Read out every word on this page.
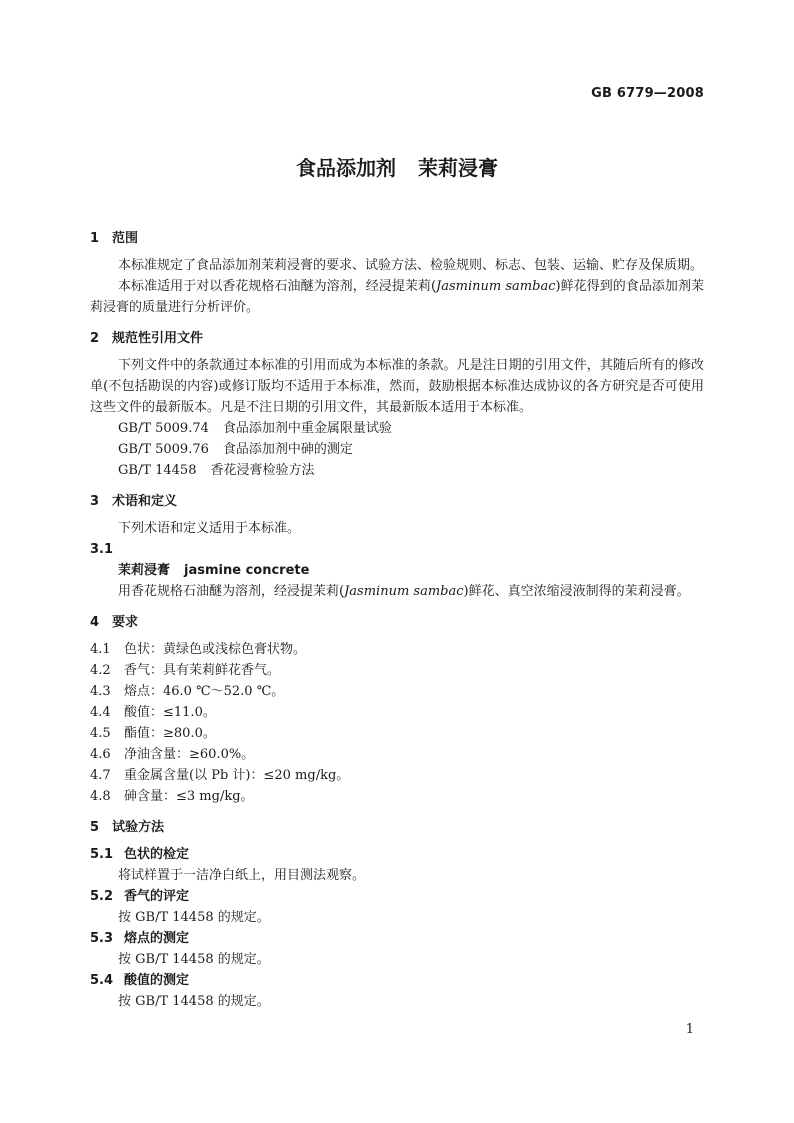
GB 6779—2008
食品添加剂 茉莉浸膏
1 范围
本标准规定了食品添加剂茉莉浸膏的要求、试验方法、检验规则、标志、包装、运输、贮存及保质期。
本标准适用于对以香花规格石油醚为溶剂，经浸提茉莉(Jasminum sambac)鲜花得到的食品添加剂茉莉浸膏的质量进行分析评价。
2 规范性引用文件
下列文件中的条款通过本标准的引用而成为本标准的条款。凡是注日期的引用文件，其随后所有的修改单(不包括勘误的内容)或修订版均不适用于本标准，然而，鼓励根据本标准达成协议的各方研究是否可使用这些文件的最新版本。凡是不注日期的引用文件，其最新版本适用于本标准。
GB/T 5009.74 食品添加剂中重金属限量试验
GB/T 5009.76 食品添加剂中砷的测定
GB/T 14458 香花浸膏检验方法
3 术语和定义
下列术语和定义适用于本标准。
3.1
茉莉浸膏 jasmine concrete
用香花规格石油醚为溶剂，经浸提茉莉(Jasminum sambac)鲜花、真空浓缩浸液制得的茉莉浸膏。
4 要求
4.1 色状：黄绿色或浅棕色膏状物。
4.2 香气：具有茉莉鲜花香气。
4.3 熔点：46.0 ℃～52.0 ℃。
4.4 酸值：≤11.0。
4.5 酯值：≥80.0。
4.6 净油含量：≥60.0%。
4.7 重金属含量(以 Pb 计)：≤20 mg/kg。
4.8 砷含量：≤3 mg/kg。
5 试验方法
5.1 色状的检定
将试样置于一洁净白纸上，用目测法观察。
5.2 香气的评定
按 GB/T 14458 的规定。
5.3 熔点的测定
按 GB/T 14458 的规定。
5.4 酸值的测定
按 GB/T 14458 的规定。
1
